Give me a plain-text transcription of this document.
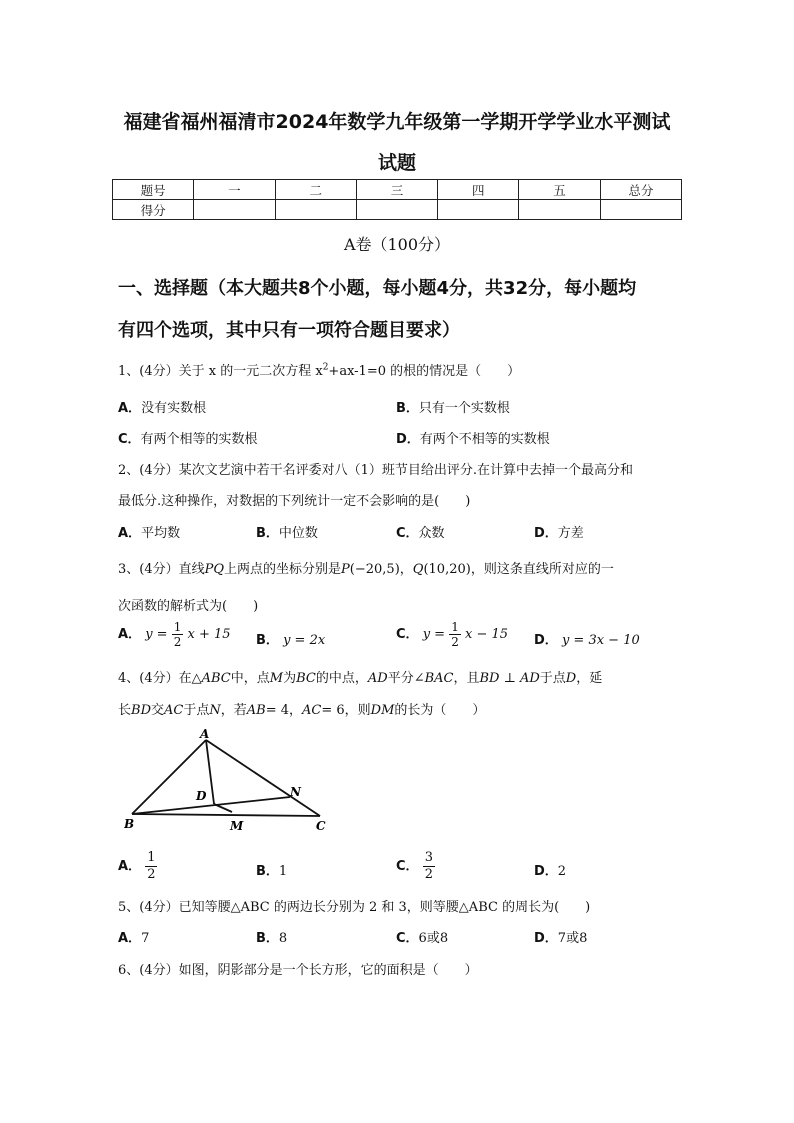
福建省福州福清市2024年数学九年级第一学期开学学业水平测试
试题
题号	一	二	三	四	五	总分
得分						
A卷（100分）
一、选择题（本大题共8个小题，每小题4分，共32分，每小题均
有四个选项，其中只有一项符合题目要求）
1、(4分）关于 x 的一元二次方程 $x^2+ax-1=0$ 的根的情况是（　　）
A．没有实数根	B．只有一个实数根
C．有两个相等的实数根	D．有两个不相等的实数根
2、(4分）某次文艺演中若干名评委对八（1）班节目给出评分.在计算中去掉一个最高分和
最低分.这种操作，对数据的下列统计一定不会影响的是(　　)
A．平均数	B．中位数	C．众数	D．方差
3、(4分）直线PQ上两点的坐标分别是P(−20,5)，Q(10,20)，则这条直线所对应的一
次函数的解析式为(　　)
A． $y = \frac{1}{2}$ x + 15 B． y = 2x	C． $y = \frac{1}{2}$ x − 15 D． y = 3x − 10
4、(4分）在△ABC中，点M为BC的中点，AD平分∠BAC，且BD ⊥ AD于点D，延
长BD交AC于点N，若AB= 4，AC= 6，则DM的长为（　　）
A
B	C
D
M
N
A． $\frac{1}{2}$	B．1	C． $\frac{3}{2}$	D．2
5、(4分）已知等腰△ABC 的两边长分别为 2 和 3，则等腰△ABC 的周长为(　　)
A．7	B．8	C．6或8	D．7或8
6、(4分）如图，阴影部分是一个长方形，它的面积是（　　）
